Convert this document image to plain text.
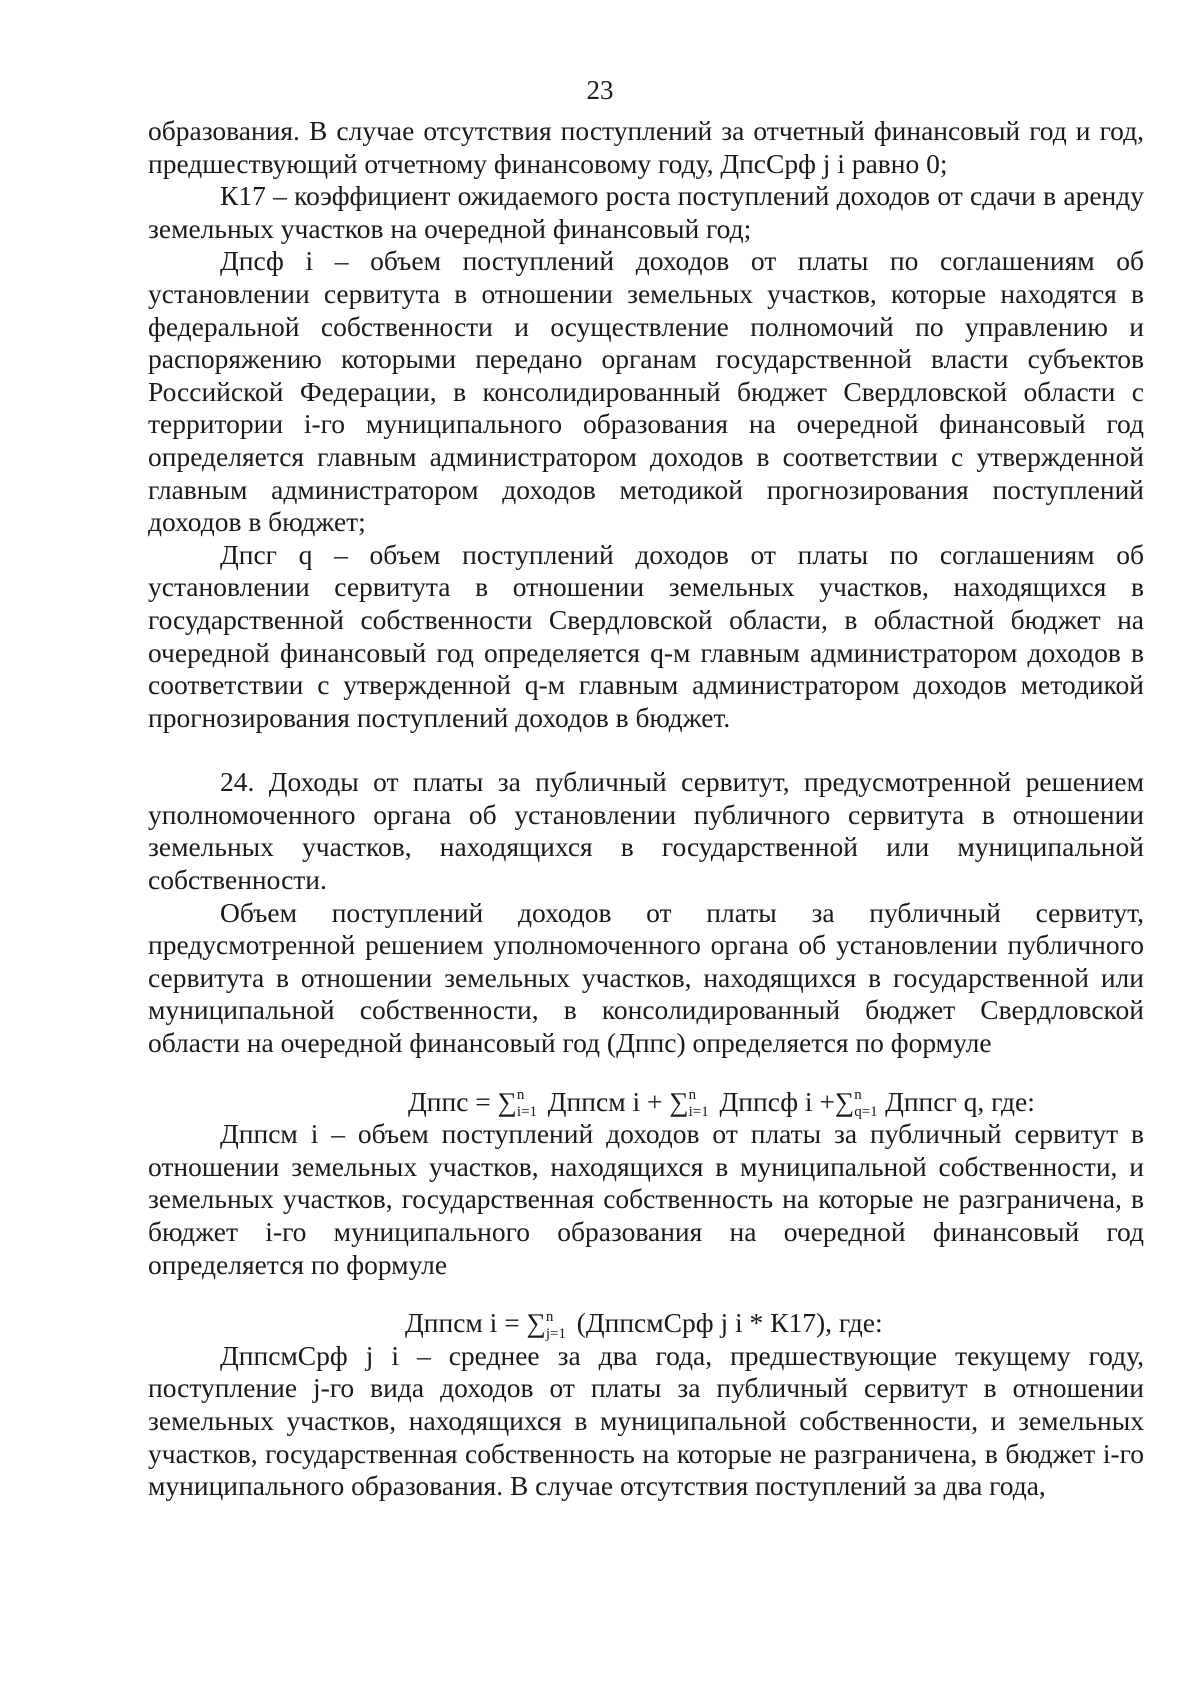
23

образования. В случае отсутствия поступлений за отчетный финансовый год и год, предшествующий отчетному финансовому году, ДпсСрф j i равно 0;

К17 – коэффициент ожидаемого роста поступлений доходов от сдачи в аренду земельных участков на очередной финансовый год;

Дпсф i – объем поступлений доходов от платы по соглашениям об установлении сервитута в отношении земельных участков, которые находятся в федеральной собственности и осуществление полномочий по управлению и распоряжению которыми передано органам государственной власти субъектов Российской Федерации, в консолидированный бюджет Свердловской области с территории i-го муниципального образования на очередной финансовый год определяется главным администратором доходов в соответствии с утвержденной главным администратором доходов методикой прогнозирования поступлений доходов в бюджет;

Дпсг q – объем поступлений доходов от платы по соглашениям об установлении сервитута в отношении земельных участков, находящихся в государственной собственности Свердловской области, в областной бюджет на очередной финансовый год определяется q-м главным администратором доходов в соответствии с утвержденной q-м главным администратором доходов методикой прогнозирования поступлений доходов в бюджет.

24. Доходы от платы за публичный сервитут, предусмотренной решением уполномоченного органа об установлении публичного сервитута в отношении земельных участков, находящихся в государственной или муниципальной собственности.

Объем поступлений доходов от платы за публичный сервитут, предусмотренной решением уполномоченного органа об установлении публичного сервитута в отношении земельных участков, находящихся в государственной или муниципальной собственности, в консолидированный бюджет Свердловской области на очередной финансовый год (Дппс) определяется по формуле

Дппс = ∑ n
i=1 Дппсм i + ∑ n
i=1 Дппсф i +∑ n
q=1 Дппсг q, где:

Дппсм i – объем поступлений доходов от платы за публичный сервитут в отношении земельных участков, находящихся в муниципальной собственности, и земельных участков, государственная собственность на которые не разграничена, в бюджет i-го муниципального образования на очередной финансовый год определяется по формуле

Дппсм i = ∑ n
j=1 (ДппсмСрф j i * К17), где:

ДппсмСрф j i – среднее за два года, предшествующие текущему году, поступление j-го вида доходов от платы за публичный сервитут в отношении земельных участков, находящихся в муниципальной собственности, и земельных участков, государственная собственность на которые не разграничена, в бюджет i-го муниципального образования. В случае отсутствия поступлений за два года,
